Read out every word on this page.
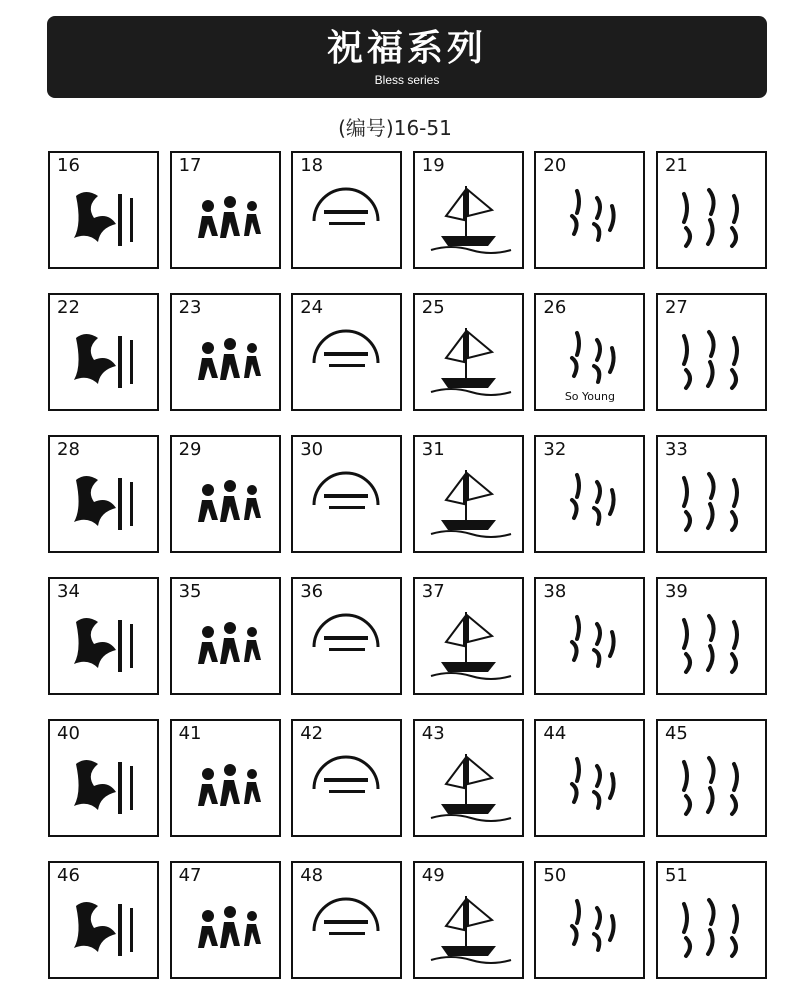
祝福系列
Bless series
(编号)16-51
16	17	18	19	20	21
22	23	24	25	26
So Young
27
28	29	30	31	32	33
34	35	36	37	38	39
40	41	42	43	44	45
46	47	48	49	50	51
